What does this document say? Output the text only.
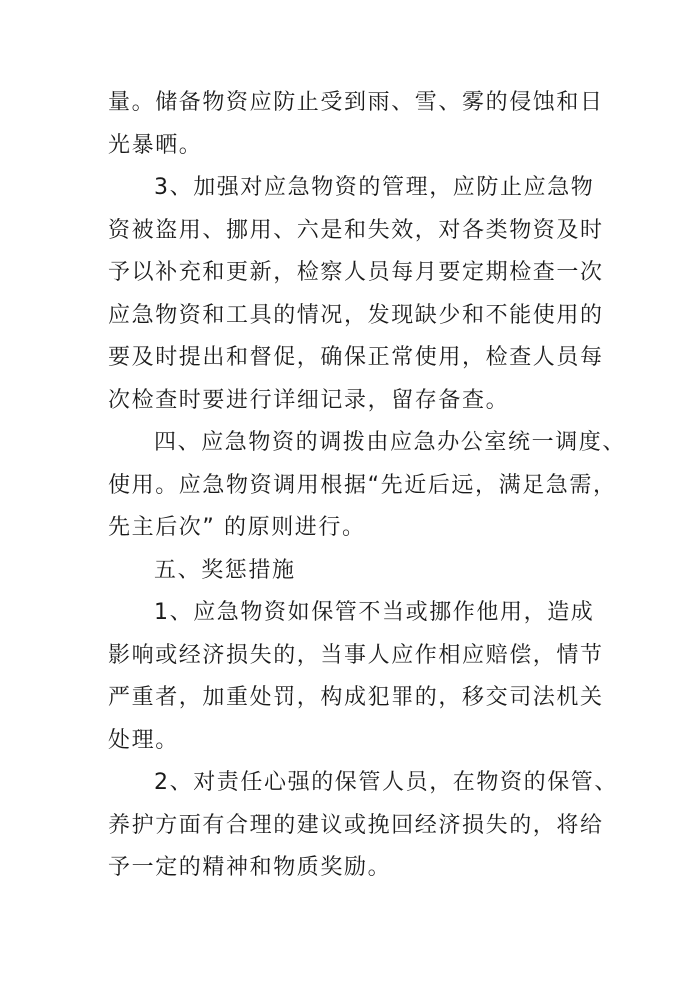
量。储备物资应防止受到雨、雪、雾的侵蚀和日
光暴晒。
3、加强对应急物资的管理，应防止应急物
资被盗用、挪用、六是和失效，对各类物资及时
予以补充和更新，检察人员每月要定期检查一次
应急物资和工具的情况，发现缺少和不能使用的
要及时提出和督促，确保正常使用，检查人员每
次检查时要进行详细记录，留存备查。
四、应急物资的调拨由应急办公室统一调度、
使用。应急物资调用根据“先近后远，满足急需，
先主后次” 的原则进行。
五、奖惩措施
1、应急物资如保管不当或挪作他用，造成
影响或经济损失的，当事人应作相应赔偿，情节
严重者，加重处罚，构成犯罪的，移交司法机关
处理。
2、对责任心强的保管人员，在物资的保管、
养护方面有合理的建议或挽回经济损失的，将给
予一定的精神和物质奖励。
